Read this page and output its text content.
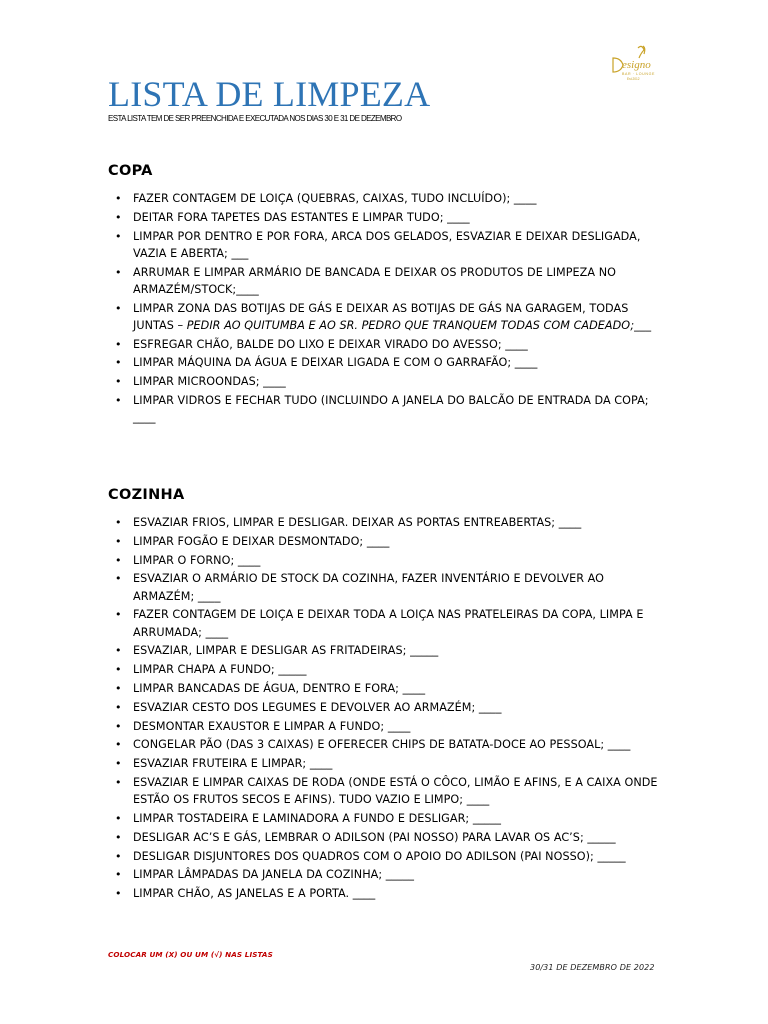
esigno
BAR · LOUNGE
Est.2012
LISTA DE LIMPEZA

ESTA LISTA TEM DE SER PREENCHIDA E EXECUTADA NOS DIAS 30 E 31 DE DEZEMBRO

COPA
• FAZER CONTAGEM DE LOIÇA (QUEBRAS, CAIXAS, TUDO INCLUÍDO); ____
• DEITAR FORA TAPETES DAS ESTANTES E LIMPAR TUDO; ____
• LIMPAR POR DENTRO E POR FORA, ARCA DOS GELADOS, ESVAZIAR E DEIXAR DESLIGADA, VAZIA E ABERTA; ___
• ARRUMAR E LIMPAR ARMÁRIO DE BANCADA E DEIXAR OS PRODUTOS DE LIMPEZA NO ARMAZÉM/STOCK;____
• LIMPAR ZONA DAS BOTIJAS DE GÁS E DEIXAR AS BOTIJAS DE GÁS NA GARAGEM, TODAS JUNTAS – PEDIR AO QUITUMBA E AO SR. PEDRO QUE TRANQUEM TODAS COM CADEADO;___
• ESFREGAR CHÃO, BALDE DO LIXO E DEIXAR VIRADO DO AVESSO; ____
• LIMPAR MÁQUINA DA ÁGUA E DEIXAR LIGADA E COM O GARRAFÃO; ____
• LIMPAR MICROONDAS; ____
• LIMPAR VIDROS E FECHAR TUDO (INCLUINDO A JANELA DO BALCÃO DE ENTRADA DA COPA; ____
COZINHA
• ESVAZIAR FRIOS, LIMPAR E DESLIGAR. DEIXAR AS PORTAS ENTREABERTAS; ____
• LIMPAR FOGÃO E DEIXAR DESMONTADO; ____
• LIMPAR O FORNO; ____
• ESVAZIAR O ARMÁRIO DE STOCK DA COZINHA, FAZER INVENTÁRIO E DEVOLVER AO ARMAZÉM; ____
• FAZER CONTAGEM DE LOIÇA E DEIXAR TODA A LOIÇA NAS PRATELEIRAS DA COPA, LIMPA E ARRUMADA; ____
• ESVAZIAR, LIMPAR E DESLIGAR AS FRITADEIRAS; _____
• LIMPAR CHAPA A FUNDO; _____
• LIMPAR BANCADAS DE ÁGUA, DENTRO E FORA; ____
• ESVAZIAR CESTO DOS LEGUMES E DEVOLVER AO ARMAZÉM; ____
• DESMONTAR EXAUSTOR E LIMPAR A FUNDO; ____
• CONGELAR PÃO (DAS 3 CAIXAS) E OFERECER CHIPS DE BATATA-DOCE AO PESSOAL; ____
• ESVAZIAR FRUTEIRA E LIMPAR; ____
• ESVAZIAR E LIMPAR CAIXAS DE RODA (ONDE ESTÁ O CÔCO, LIMÃO E AFINS, E A CAIXA ONDE ESTÃO OS FRUTOS SECOS E AFINS). TUDO VAZIO E LIMPO; ____
• LIMPAR TOSTADEIRA E LAMINADORA A FUNDO E DESLIGAR; _____
• DESLIGAR AC’S E GÁS, LEMBRAR O ADILSON (PAI NOSSO) PARA LAVAR OS AC’S; _____
• DESLIGAR DISJUNTORES DOS QUADROS COM O APOIO DO ADILSON (PAI NOSSO); _____
• LIMPAR LÂMPADAS DA JANELA DA COZINHA; _____
• LIMPAR CHÃO, AS JANELAS E A PORTA. ____

COLOCAR UM (X) OU UM (√) NAS LISTAS

30/31 DE DEZEMBRO DE 2022
